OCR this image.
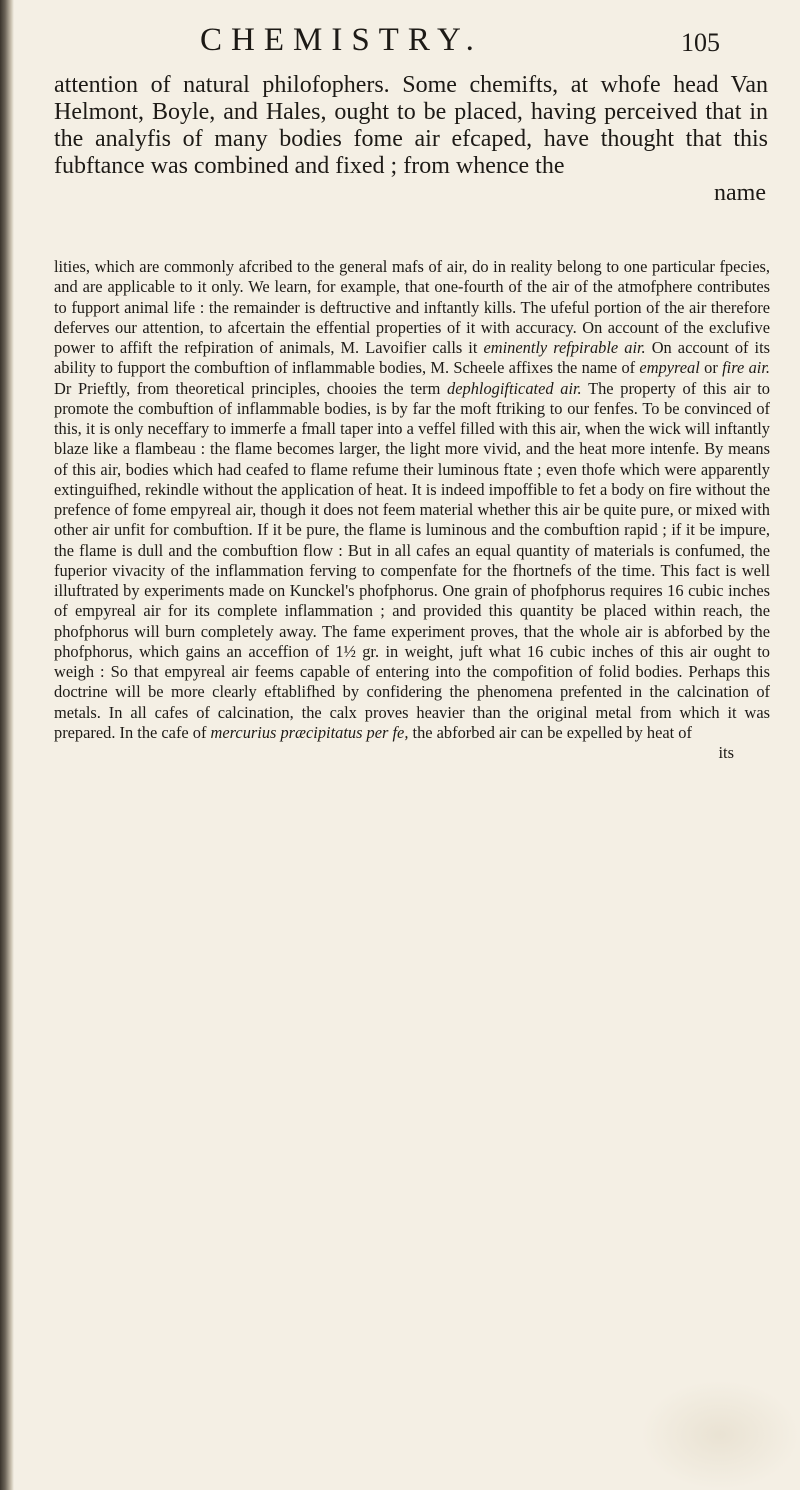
CHEMISTRY.	105

attention of natural philofophers. Some chemifts, at whofe head Van Helmont, Boyle, and Hales, ought to be placed, having perceived that in the analyfis of many bodies fome air efcaped, have thought that this fubftance was combined and fixed ; from whence the

name

lities, which are commonly afcribed to the general mafs of air, do in reality belong to one particular fpecies, and are applicable to it only. We learn, for example, that one-fourth of the air of the atmofphere contributes to fupport animal life : the remainder is deftructive and inftantly kills. The ufeful portion of the air therefore deferves our attention, to afcertain the effential properties of it with accuracy. On account of the exclufive power to affift the refpiration of animals, M. Lavoifier calls it eminently refpirable air. On account of its ability to fupport the combuftion of inflammable bodies, M. Scheele affixes the name of empyreal or fire air. Dr Prieftly, from theoretical principles, chooies the term dephlogifticated air. The property of this air to promote the combuftion of inflammable bodies, is by far the moft ftriking to our fenfes. To be convinced of this, it is only neceffary to immerfe a fmall taper into a veffel filled with this air, when the wick will inftantly blaze like a flambeau : the flame becomes larger, the light more vivid, and the heat more intenfe. By means of this air, bodies which had ceafed to flame refume their luminous ftate ; even thofe which were apparently extinguifhed, rekindle without the application of heat. It is indeed impoffible to fet a body on fire without the prefence of fome empyreal air, though it does not feem material whether this air be quite pure, or mixed with other air unfit for combuftion. If it be pure, the flame is luminous and the combuftion rapid ; if it be impure, the flame is dull and the combuftion flow : But in all cafes an equal quantity of materials is confumed, the fuperior vivacity of the inflammation ferving to compenfate for the fhortnefs of the time. This fact is well illuftrated by experiments made on Kunckel's phofphorus. One grain of phofphorus requires 16 cubic inches of empyreal air for its complete inflammation ; and provided this quantity be placed within reach, the phofphorus will burn completely away. The fame experiment proves, that the whole air is abforbed by the phofphorus, which gains an acceffion of 1½ gr. in weight, juft what 16 cubic inches of this air ought to weigh : So that empyreal air feems capable of entering into the compofition of folid bodies. Perhaps this doctrine will be more clearly eftablifhed by confidering the phenomena prefented in the calcination of metals. In all cafes of calcination, the calx proves heavier than the original metal from which it was prepared. In the cafe of mercurius præcipitatus per fe, the abforbed air can be expelled by heat of

its
